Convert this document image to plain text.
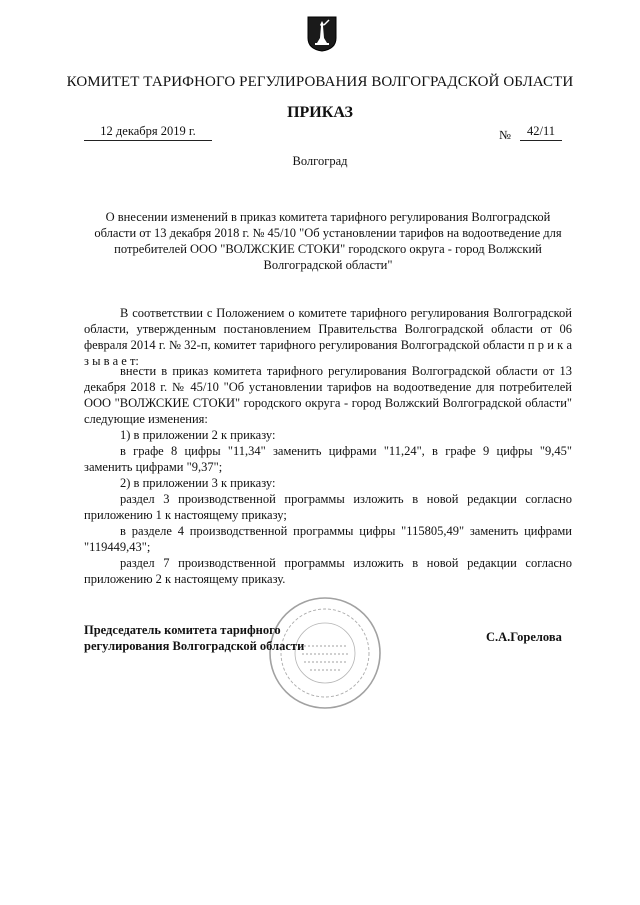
КОМИТЕТ ТАРИФНОГО РЕГУЛИРОВАНИЯ ВОЛГОГРАДСКОЙ ОБЛАСТИ
ПРИКАЗ
12 декабря 2019 г.	№	42/11
Волгоград
О внесении изменений в приказ комитета тарифного регулирования Волгоградской области от 13 декабря 2018 г. № 45/10 "Об установлении тарифов на водоотведение для потребителей ООО "ВОЛЖСКИЕ СТОКИ" городского округа - город Волжский Волгоградской области"

В соответствии с Положением о комитете тарифного регулирования Волгоградской области, утвержденным постановлением Правительства Волгоградской области от 06 февраля 2014 г. № 32-п, комитет тарифного регулирования Волгоградской области п р и к а з ы в а е т:

внести в приказ комитета тарифного регулирования Волгоградской области от 13 декабря 2018 г. № 45/10 "Об установлении тарифов на водоотведение для потребителей ООО "ВОЛЖСКИЕ СТОКИ" городского округа - город Волжский Волгоградской области" следующие изменения:

1) в приложении 2 к приказу:

в графе 8 цифры "11,34" заменить цифрами "11,24", в графе 9 цифры "9,45" заменить цифрами "9,37";

2) в приложении 3 к приказу:

раздел 3 производственной программы изложить в новой редакции согласно приложению 1 к настоящему приказу;

в разделе 4 производственной программы цифры "115805,49" заменить цифрами "119449,43";

раздел 7 производственной программы изложить в новой редакции согласно приложению 2 к настоящему приказу.

Председатель комитета тарифного
регулирования Волгоградской области
С.А.Горелова
